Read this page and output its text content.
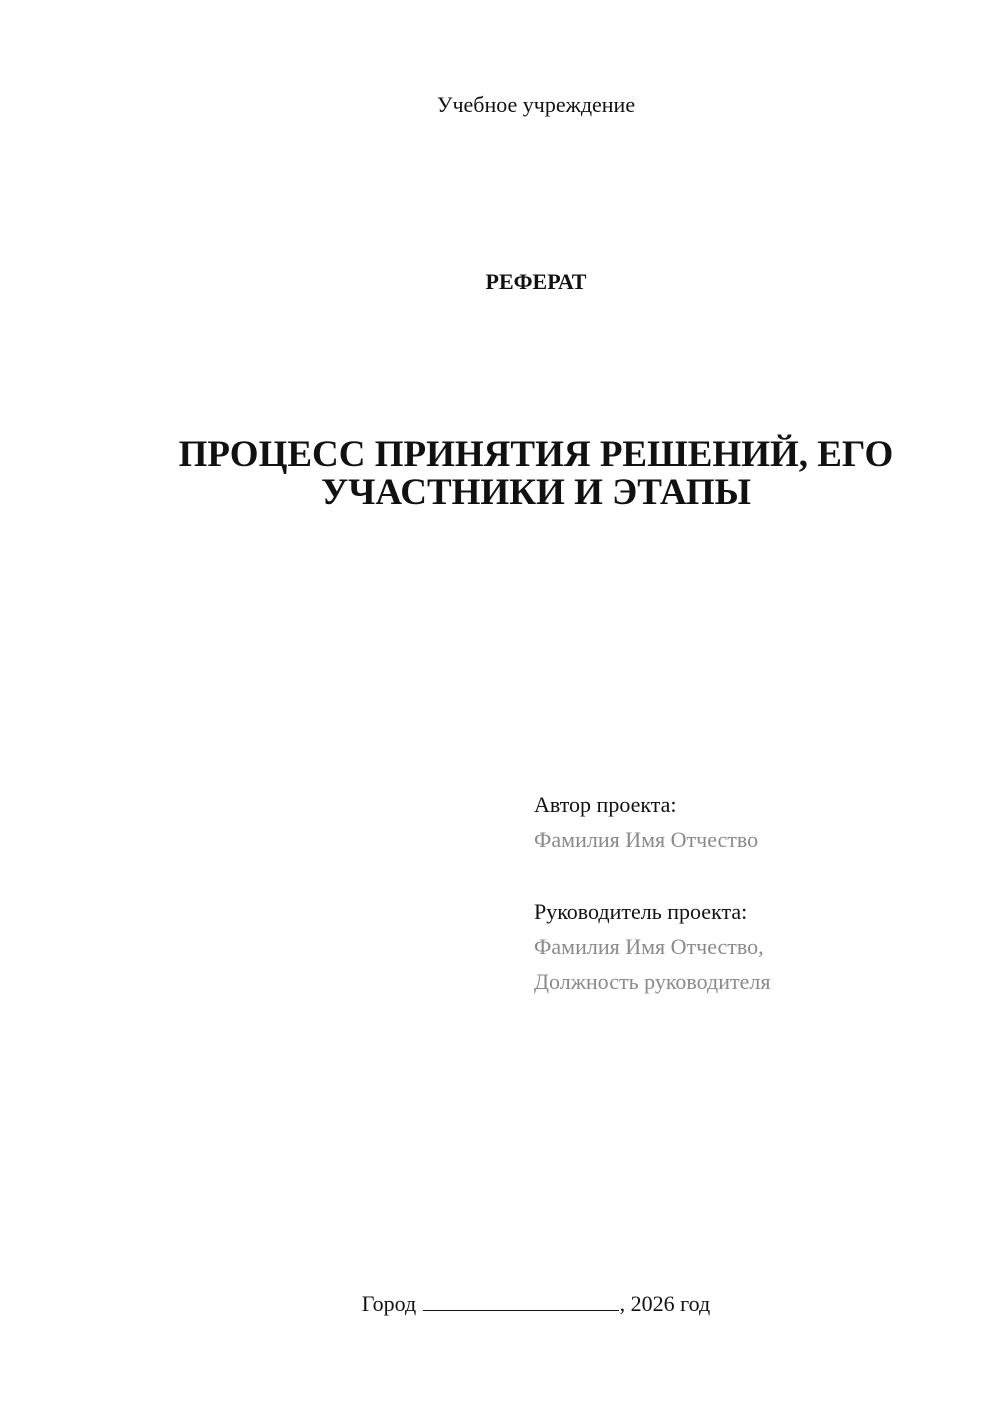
Учебное учреждение
РЕФЕРАТ
ПРОЦЕСС ПРИНЯТИЯ РЕШЕНИЙ, ЕГО
УЧАСТНИКИ И ЭТАПЫ
Автор проекта:
Фамилия Имя Отчество
Руководитель проекта:
Фамилия Имя Отчество,
Должность руководителя
Город	, 2026 год
